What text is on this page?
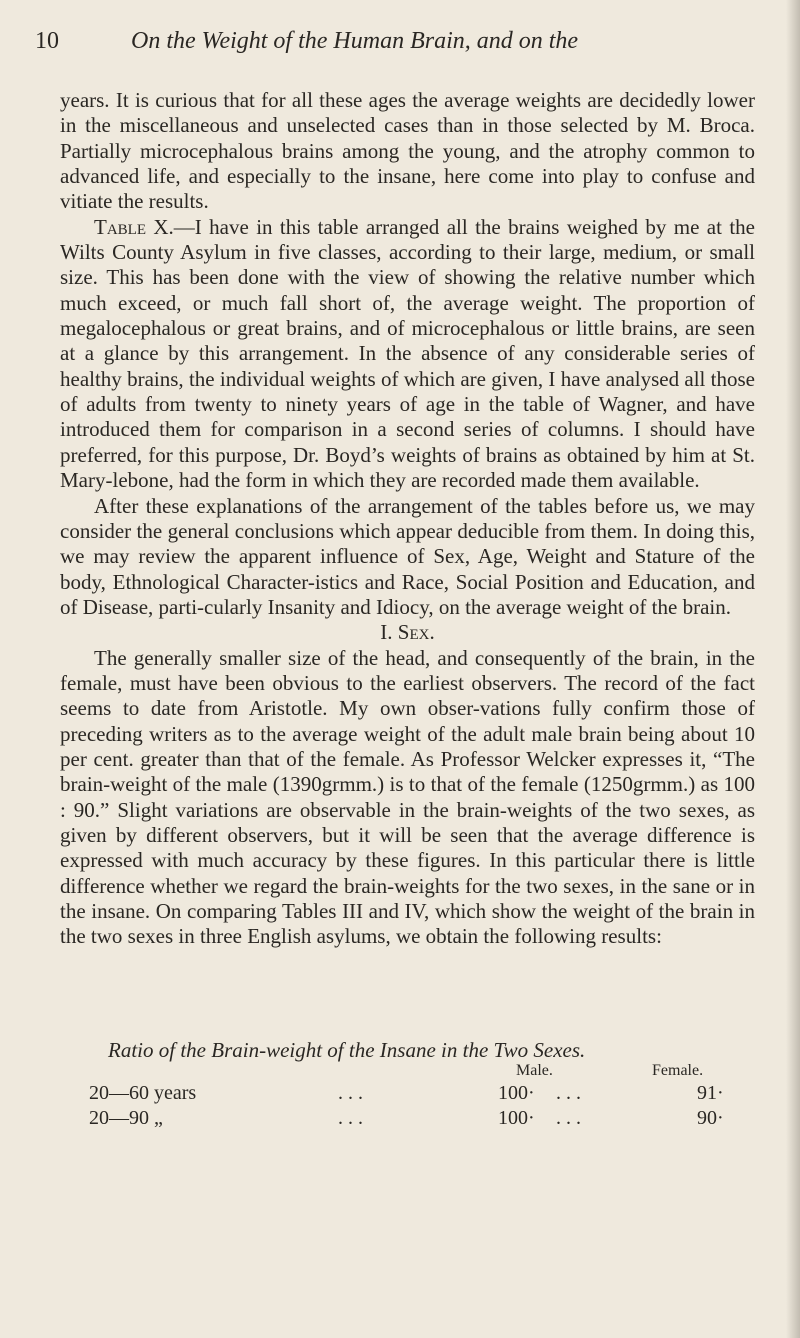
10	On the Weight of the Human Brain, and on the

years. It is curious that for all these ages the average weights are decidedly lower in the miscellaneous and unselected cases than in those selected by M. Broca. Partially microcephalous brains among the young, and the atrophy common to advanced life, and especially to the insane, here come into play to confuse and vitiate the results.

Table X.—I have in this table arranged all the brains weighed by me at the Wilts County Asylum in five classes, according to their large, medium, or small size. This has been done with the view of showing the relative number which much exceed, or much fall short of, the average weight. The proportion of megalocephalous or great brains, and of microcephalous or little brains, are seen at a glance by this arrangement. In the absence of any considerable series of healthy brains, the individual weights of which are given, I have analysed all those of adults from twenty to ninety years of age in the table of Wagner, and have introduced them for comparison in a second series of columns. I should have preferred, for this purpose, Dr. Boyd’s weights of brains as obtained by him at St. Mary-lebone, had the form in which they are recorded made them available.

After these explanations of the arrangement of the tables before us, we may consider the general conclusions which appear deducible from them. In doing this, we may review the apparent influence of Sex, Age, Weight and Stature of the body, Ethnological Character-istics and Race, Social Position and Education, and of Disease, parti-cularly Insanity and Idiocy, on the average weight of the brain.

I. Sex.

The generally smaller size of the head, and consequently of the brain, in the female, must have been obvious to the earliest observers. The record of the fact seems to date from Aristotle. My own obser-vations fully confirm those of preceding writers as to the average weight of the adult male brain being about 10 per cent. greater than that of the female. As Professor Welcker expresses it, “The brain-weight of the male (1390grmm.) is to that of the female (1250grmm.) as 100 : 90.” Slight variations are observable in the brain-weights of the two sexes, as given by different observers, but it will be seen that the average difference is expressed with much accuracy by these figures. In this particular there is little difference whether we regard the brain-weights for the two sexes, in the sane or in the insane. On comparing Tables III and IV, which show the weight of the brain in the two sexes in three English asylums, we obtain the following results:

Ratio of the Brain-weight of the Insane in the Two Sexes.
Male.	Female.
20—60 years	. . .	100· . . .	91·
20—90 „	. . .	100· . . .	90·
